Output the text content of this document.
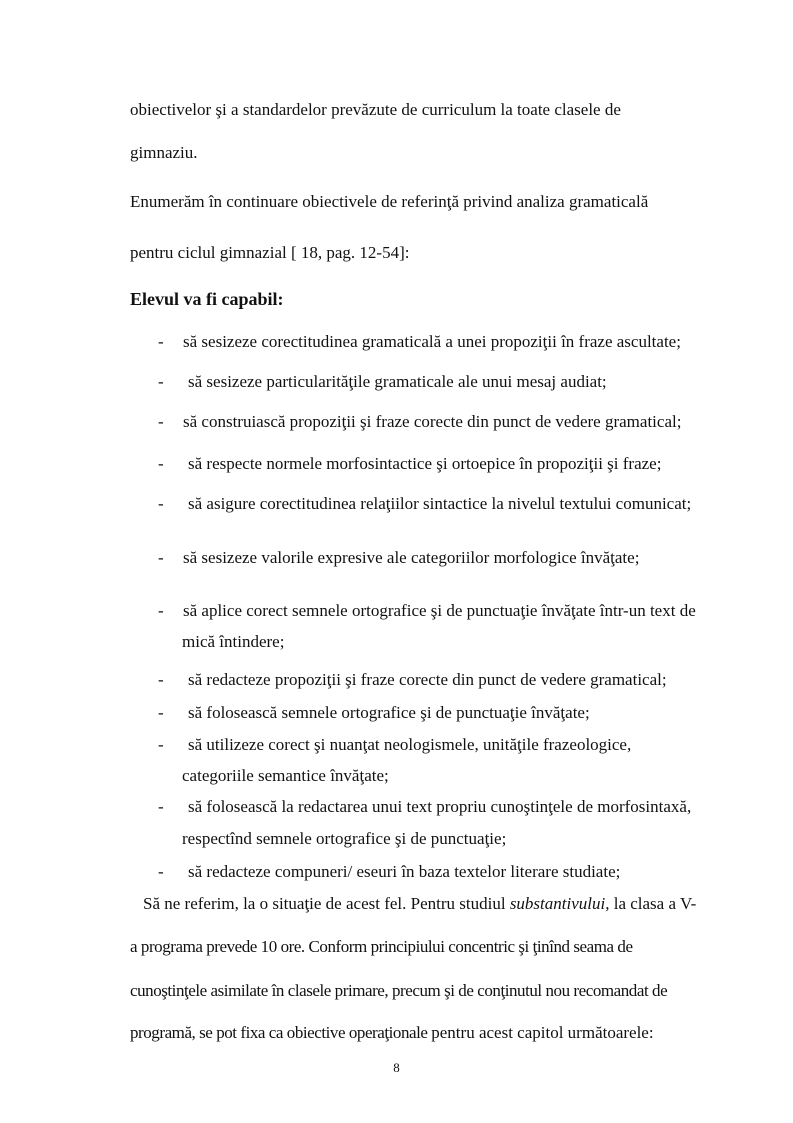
obiectivelor şi a standardelor prevăzute de curriculum la toate clasele de
gimnaziu.
Enumerăm în continuare obiectivele de referinţă privind analiza gramaticală
pentru ciclul gimnazial [ 18, pag. 12-54]:
Elevul va fi capabil:
- să sesizeze corectitudinea gramaticală a unei propoziţii în fraze ascultate;
- să sesizeze particularităţile gramaticale ale unui mesaj audiat;
- să construiască propoziţii şi fraze corecte din punct de vedere gramatical;
- să respecte normele morfosintactice şi ortoepice în propoziţii şi fraze;
- să asigure corectitudinea relaţiilor sintactice la nivelul textului comunicat;
- să sesizeze valorile expresive ale categoriilor morfologice învăţate;
- să aplice corect semnele ortografice şi de punctuaţie învăţate într-un text de
mică întindere;
- să redacteze propoziţii şi fraze corecte din punct de vedere gramatical;
- să folosească semnele ortografice şi de punctuaţie învăţate;
- să utilizeze corect şi nuanţat neologismele, unităţile frazeologice,
categoriile semantice învăţate;
- să folosească la redactarea unui text propriu cunoştinţele de morfosintaxă,
respectînd semnele ortografice şi de punctuaţie;
- să redacteze compuneri/ eseuri în baza textelor literare studiate;
Să ne referim, la o situaţie de acest fel. Pentru studiul substantivului, la clasa a V-
a programa prevede 10 ore. Conform principiului concentric şi ţinînd seama de
cunoştinţele asimilate în clasele primare, precum şi de conţinutul nou recomandat de
programă, se pot fixa ca obiective operaţionale pentru acest capitol următoarele:
8
